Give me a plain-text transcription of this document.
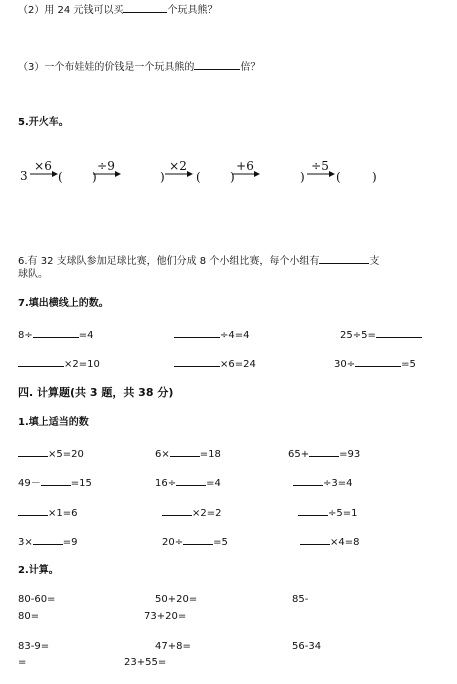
（2）用 24 元钱可以买	个玩具熊？
（3）一个布娃娃的价钱是一个玩具熊的	倍？
5.开火车。
3
×6	÷9	×2	+6	÷5
( )	)	( )	)	(	)
6.有 32 支球队参加足球比赛，他们分成 8 个小组比赛，每个小组有	支
球队。
7.填出横线上的数。
8÷	=4	÷4=4	25÷5=
×2=10	×6=24	30÷	=5
四. 计算题(共 3 题，共 38 分)
1.填上适当的数
×5=20	6×	=18	65+	=93
49－	=15	16÷	=4	÷3=4
×1=6	×2=2	÷5=1
3×	=9	20÷	=5	×4=8
2.计算。
80-60=	50+20=	85-
80=	73+20=
83-9=	47+8=	56-34
=	23+55=
